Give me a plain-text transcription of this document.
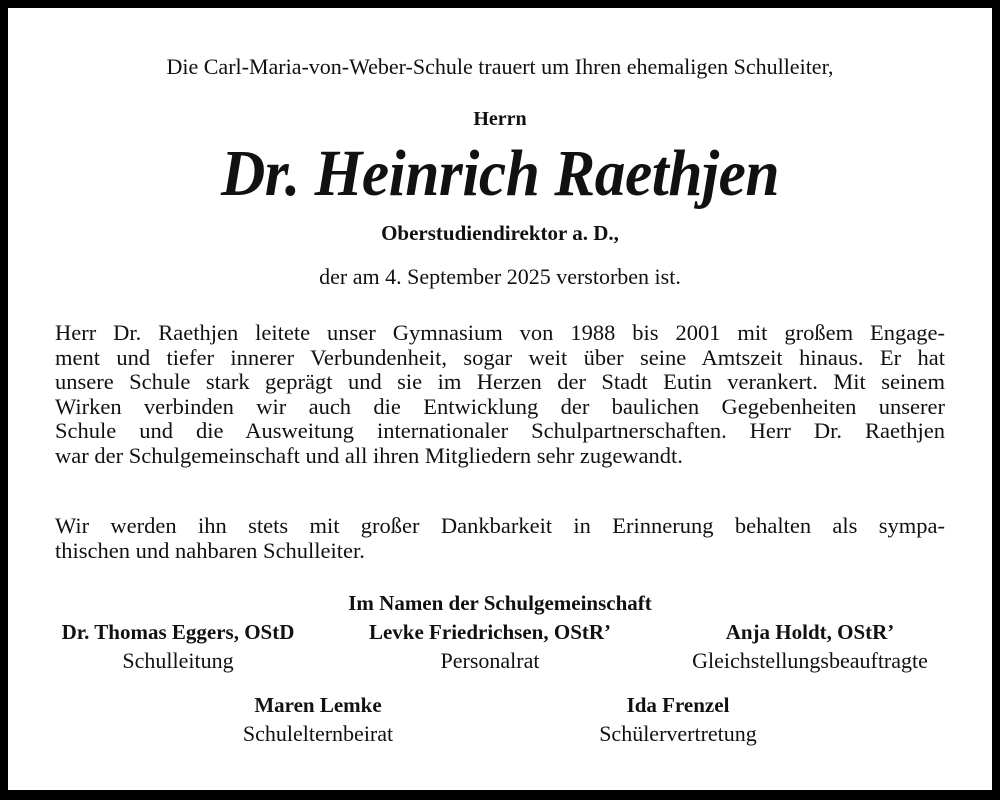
Die Carl-Maria-von-Weber-Schule trauert um Ihren ehemaligen Schulleiter,
Herrn
Dr. Heinrich Raethjen
Oberstudiendirektor a. D.,
der am 4. September 2025 verstorben ist.
Herr Dr. Raethjen leitete unser Gymnasium von 1988 bis 2001 mit großem Engage-
ment und tiefer innerer Verbundenheit, sogar weit über seine Amtszeit hinaus. Er hat
unsere Schule stark geprägt und sie im Herzen der Stadt Eutin verankert. Mit seinem
Wirken verbinden wir auch die Entwicklung der baulichen Gegebenheiten unserer
Schule und die Ausweitung internationaler Schulpartnerschaften. Herr Dr. Raethjen
war der Schulgemeinschaft und all ihren Mitgliedern sehr zugewandt.
Wir werden ihn stets mit großer Dankbarkeit in Erinnerung behalten als sympa-
thischen und nahbaren Schulleiter.
Im Namen der Schulgemeinschaft
Dr. Thomas Eggers, OStD
Schulleitung
Levke Friedrichsen, OStR’
Personalrat
Anja Holdt, OStR’
Gleichstellungsbeauftragte
Maren Lemke
Schulelternbeirat
Ida Frenzel
Schülervertretung
